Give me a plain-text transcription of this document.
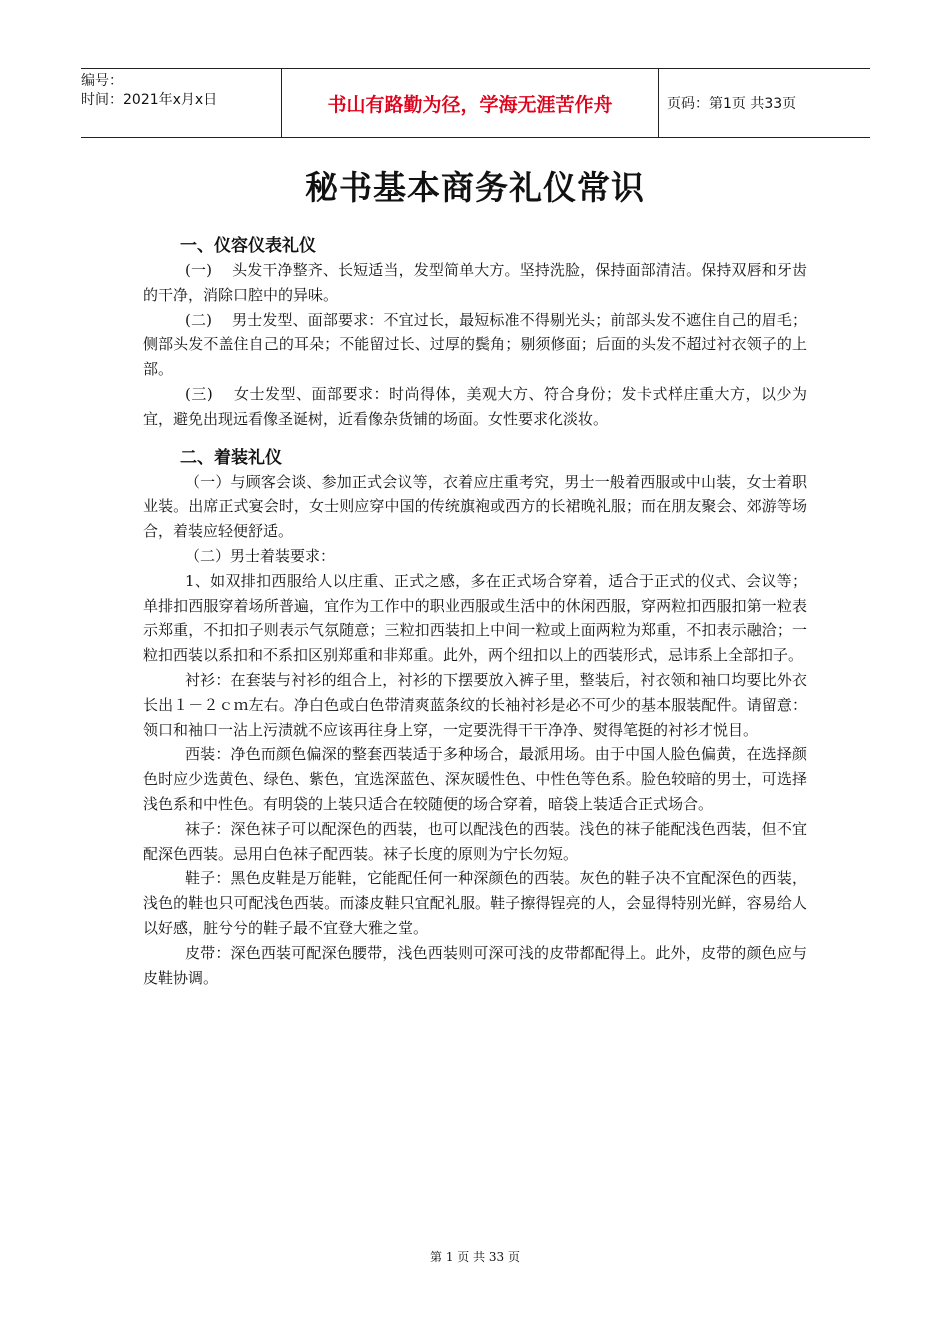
编号：
时间：2021年x月x日	书山有路勤为径，学海无涯苦作舟	页码：第1页 共33页
秘书基本商务礼仪常识
一、仪容仪表礼仪

(一)　 头发干净整齐、长短适当，发型简单大方。坚持洗脸，保持面部清洁。保持双唇和牙齿的干净，消除口腔中的异味。

(二)　 男士发型、面部要求：不宜过长，最短标准不得剔光头；前部头发不遮住自己的眉毛；侧部头发不盖住自己的耳朵；不能留过长、过厚的鬓角；剔须修面；后面的头发不超过衬衣领子的上部。

(三)　 女士发型、面部要求：时尚得体，美观大方、符合身份；发卡式样庄重大方，以少为宜，避免出现远看像圣诞树，近看像杂货铺的场面。女性要求化淡妆。

二、着装礼仪

（一）与顾客会谈、参加正式会议等，衣着应庄重考究，男士一般着西服或中山装，女士着职业装。出席正式宴会时，女士则应穿中国的传统旗袍或西方的长裙晚礼服；而在朋友聚会、郊游等场合，着装应轻便舒适。

（二）男士着装要求：

1、如双排扣西服给人以庄重、正式之感，多在正式场合穿着，适合于正式的仪式、会议等；单排扣西服穿着场所普遍，宜作为工作中的职业西服或生活中的休闲西服，穿两粒扣西服扣第一粒表示郑重，不扣扣子则表示气氛随意；三粒扣西装扣上中间一粒或上面两粒为郑重，不扣表示融洽；一粒扣西装以系扣和不系扣区别郑重和非郑重。此外，两个纽扣以上的西装形式，忌讳系上全部扣子。

衬衫：在套装与衬衫的组合上，衬衫的下摆要放入裤子里，整装后，衬衣领和袖口均要比外衣长出１－２ｃｍ左右。净白色或白色带清爽蓝条纹的长袖衬衫是必不可少的基本服装配件。请留意：领口和袖口一沾上污渍就不应该再往身上穿，一定要洗得干干净净、熨得笔挺的衬衫才悦目。

西装：净色而颜色偏深的整套西装适于多种场合，最派用场。由于中国人脸色偏黄，在选择颜色时应少选黄色、绿色、紫色，宜选深蓝色、深灰暖性色、中性色等色系。脸色较暗的男士，可选择浅色系和中性色。有明袋的上装只适合在较随便的场合穿着，暗袋上装适合正式场合。

袜子：深色袜子可以配深色的西装，也可以配浅色的西装。浅色的袜子能配浅色西装，但不宜配深色西装。忌用白色袜子配西装。袜子长度的原则为宁长勿短。

鞋子：黑色皮鞋是万能鞋，它能配任何一种深颜色的西装。灰色的鞋子决不宜配深色的西装，浅色的鞋也只可配浅色西装。而漆皮鞋只宜配礼服。鞋子擦得锃亮的人，会显得特别光鲜，容易给人以好感，脏兮兮的鞋子最不宜登大雅之堂。

皮带：深色西装可配深色腰带，浅色西装则可深可浅的皮带都配得上。此外，皮带的颜色应与皮鞋协调。

第 1 页 共 33 页
